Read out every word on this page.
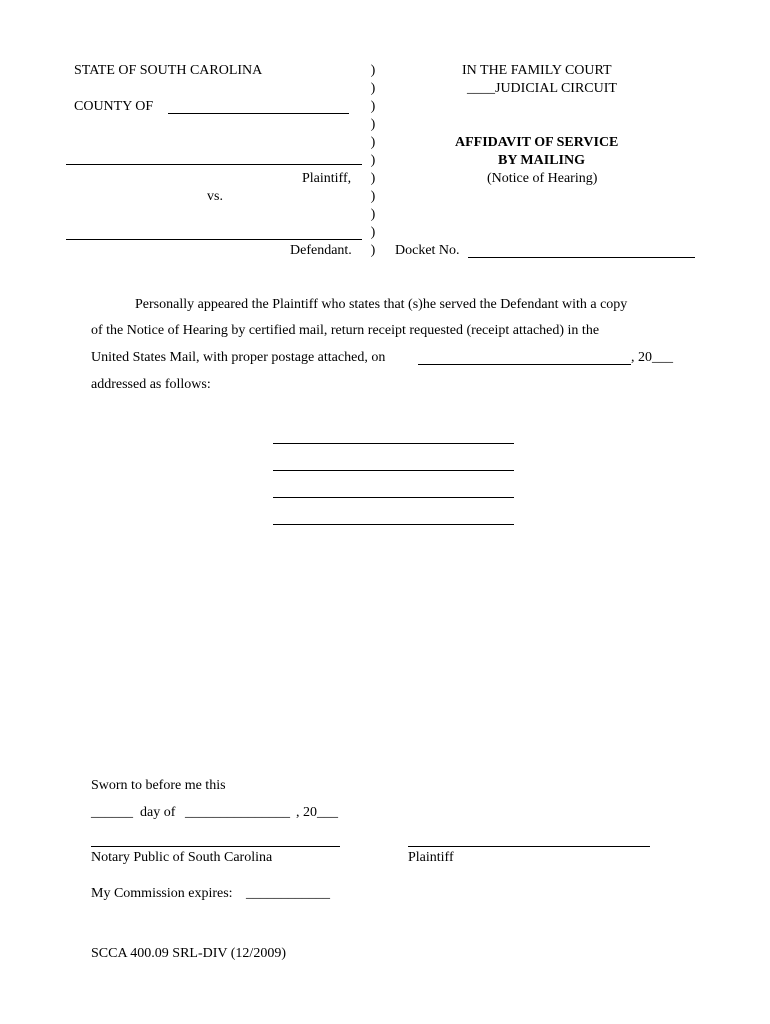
STATE OF SOUTH CAROLINA
COUNTY OF
Plaintiff,
vs.
Defendant.
)
)
)
)
)
)
)
)
)
)
)
IN THE FAMILY COURT
____JUDICIAL CIRCUIT
AFFIDAVIT OF SERVICE
BY MAILING
(Notice of Hearing)
Docket No.
Personally appeared the Plaintiff who states that (s)he served the Defendant with a copy
of the Notice of Hearing by certified mail, return receipt requested (receipt attached) in the
United States Mail, with proper postage attached, on	, 20___
addressed as follows:
Sworn to before me this
______ day of _______________ , 20___
Notary Public of South Carolina	Plaintiff
My Commission expires: ____________
SCCA 400.09 SRL-DIV (12/2009)
